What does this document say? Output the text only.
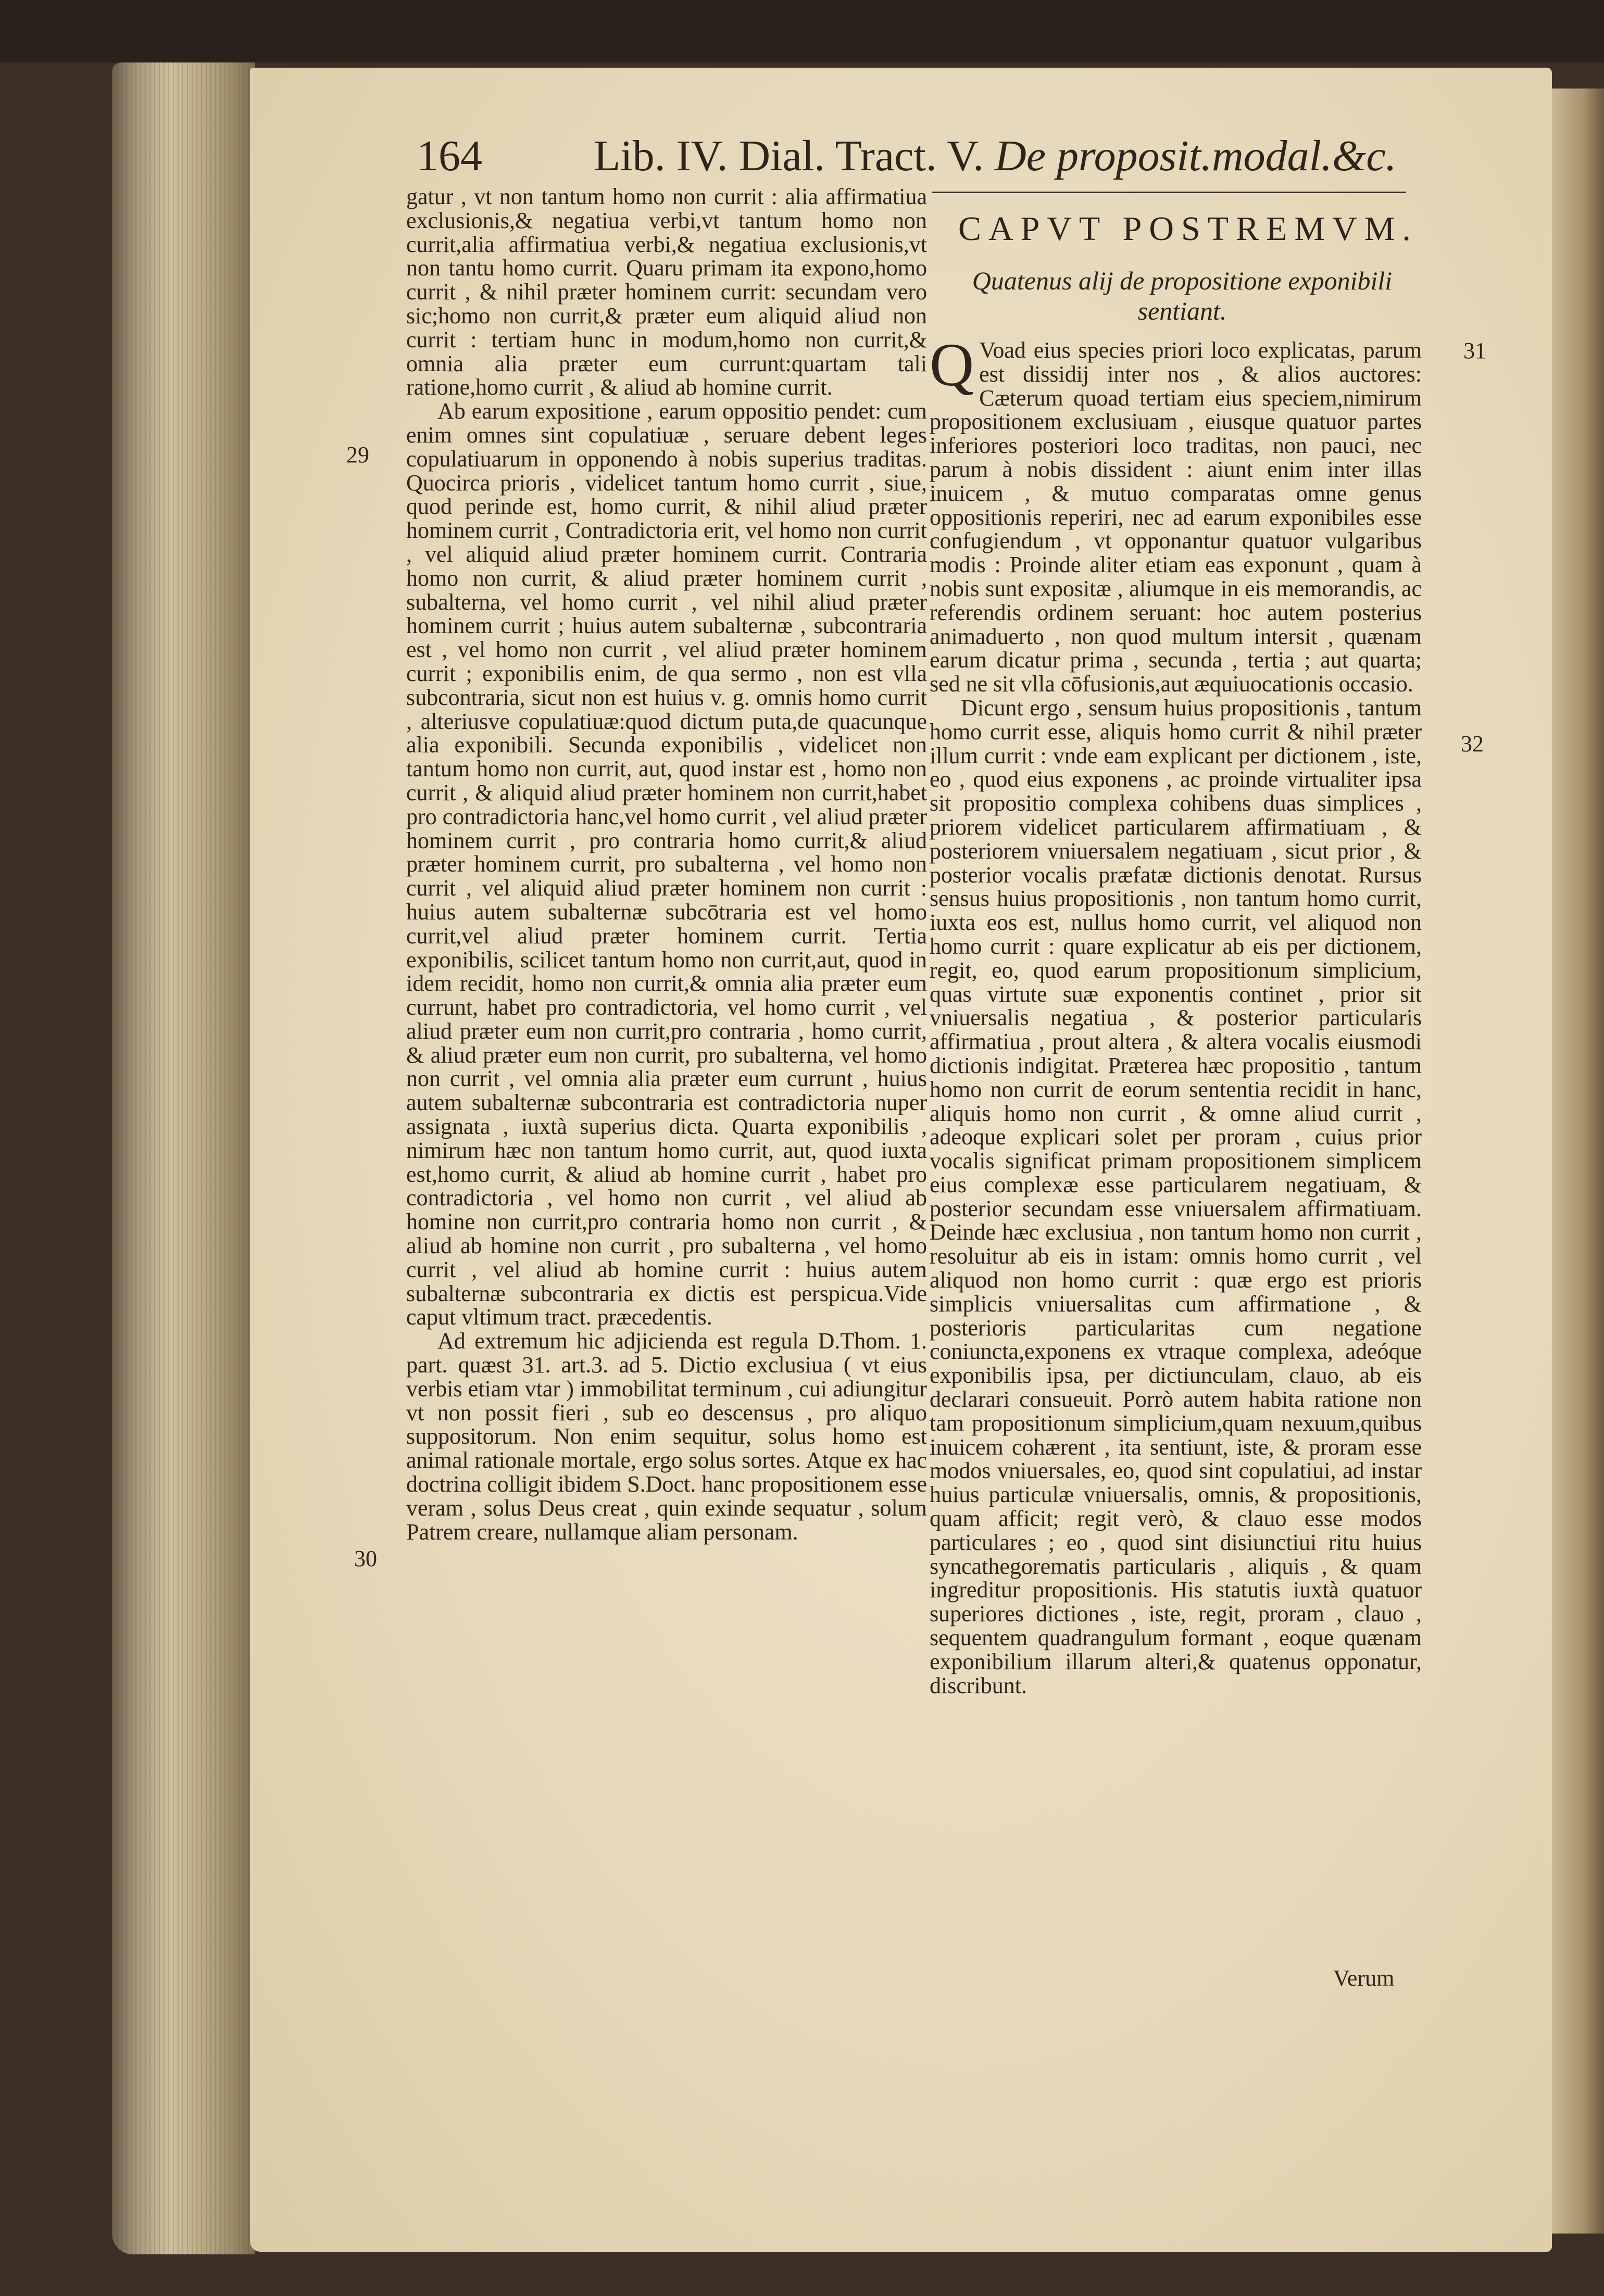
164	Lib. IV. Dial. Tract. V. De proposit.modal.&c.

gatur , vt non tantum homo non currit : alia affirmatiua exclusionis,& negatiua verbi,vt tantum homo non currit,alia affirmatiua verbi,& negatiua exclusionis,vt non tantu homo currit. Quaru primam ita expono,homo currit , & nihil præter hominem currit: secundam vero sic;homo non currit,& præter eum aliquid aliud non currit : tertiam hunc in modum,homo non currit,& omnia alia præter eum currunt:quartam tali ratione,homo currit , & aliud ab homine currit.

Ab earum expositione , earum oppositio pendet: cum enim omnes sint copulatiuæ , seruare debent leges copulatiuarum in opponendo à nobis superius traditas. Quocirca prioris , videlicet tantum homo currit , siue, quod perinde est, homo currit, & nihil aliud præter hominem currit , Contradictoria erit, vel homo non currit , vel aliquid aliud præter hominem currit. Contraria homo non currit, & aliud præter hominem currit , subalterna, vel homo currit , vel nihil aliud præter hominem currit ; huius autem subalternæ , subcontraria est , vel homo non currit , vel aliud præter hominem currit ; exponibilis enim, de qua sermo , non est vlla subcontraria, sicut non est huius v. g. omnis homo currit , alteriusve copulatiuæ:quod dictum puta,de quacunque alia exponibili. Secunda exponibilis , videlicet non tantum homo non currit, aut, quod instar est , homo non currit , & aliquid aliud præter hominem non currit,habet pro contradictoria hanc,vel homo currit , vel aliud præter hominem currit , pro contraria homo currit,& aliud præter hominem currit, pro subalterna , vel homo non currit , vel aliquid aliud præter hominem non currit : huius autem subalternæ subcōtraria est vel homo currit,vel aliud præter hominem currit. Tertia exponibilis, scilicet tantum homo non currit,aut, quod in idem recidit, homo non currit,& omnia alia præter eum currunt, habet pro contradictoria, vel homo currit , vel aliud præter eum non currit,pro contraria , homo currit, & aliud præter eum non currit, pro subalterna, vel homo non currit , vel omnia alia præter eum currunt , huius autem subalternæ subcontraria est contradictoria nuper assignata , iuxtà superius dicta. Quarta exponibilis , nimirum hæc non tantum homo currit, aut, quod iuxta est,homo currit, & aliud ab homine currit , habet pro contradictoria , vel homo non currit , vel aliud ab homine non currit,pro contraria homo non currit , & aliud ab homine non currit , pro subalterna , vel homo currit , vel aliud ab homine currit : huius autem subalternæ subcontraria ex dictis est perspicua.Vide caput vltimum tract. præcedentis.

Ad extremum hic adjicienda est regula D.Thom. 1. part. quæst 31. art.3. ad 5. Dictio exclusiua ( vt eius verbis etiam vtar ) immobilitat terminum , cui adiungitur vt non possit fieri , sub eo descensus , pro aliquo suppositorum. Non enim sequitur, solus homo est animal rationale mortale, ergo solus sortes. Atque ex hac doctrina colligit ibidem S.Doct. hanc propositionem esse veram , solus Deus creat , quin exinde sequatur , solum Patrem creare, nullamque aliam personam.

CAPVT POSTREMVM.
Quatenus alij de propositione exponibili sentiant.

Q Voad eius species priori loco explicatas, parum est dissidij inter nos , & alios auctores: Cæterum quoad tertiam eius speciem,nimirum propositionem exclusiuam , eiusque quatuor partes inferiores posteriori loco traditas, non pauci, nec parum à nobis dissident : aiunt enim inter illas inuicem , & mutuo comparatas omne genus oppositionis reperiri, nec ad earum exponibiles esse confugiendum , vt opponantur quatuor vulgaribus modis : Proinde aliter etiam eas exponunt , quam à nobis sunt expositæ , aliumque in eis memorandis, ac referendis ordinem seruant: hoc autem posterius animaduerto , non quod multum intersit , quænam earum dicatur prima , secunda , tertia ; aut quarta; sed ne sit vlla cōfusionis,aut æquiuocationis occasio.

Dicunt ergo , sensum huius propositionis , tantum homo currit esse, aliquis homo currit & nihil præter illum currit : vnde eam explicant per dictionem , iste, eo , quod eius exponens , ac proinde virtualiter ipsa sit propositio complexa cohibens duas simplices , priorem videlicet particularem affirmatiuam , & posteriorem vniuersalem negatiuam , sicut prior , & posterior vocalis præfatæ dictionis denotat. Rursus sensus huius propositionis , non tantum homo currit, iuxta eos est, nullus homo currit, vel aliquod non homo currit : quare explicatur ab eis per dictionem, regit, eo, quod earum propositionum simplicium, quas virtute suæ exponentis continet , prior sit vniuersalis negatiua , & posterior particularis affirmatiua , prout altera , & altera vocalis eiusmodi dictionis indigitat. Præterea hæc propositio , tantum homo non currit de eorum sententia recidit in hanc, aliquis homo non currit , & omne aliud currit , adeoque explicari solet per proram , cuius prior vocalis significat primam propositionem simplicem eius complexæ esse particularem negatiuam, & posterior secundam esse vniuersalem affirmatiuam. Deinde hæc exclusiua , non tantum homo non currit , resoluitur ab eis in istam: omnis homo currit , vel aliquod non homo currit : quæ ergo est prioris simplicis vniuersalitas cum affirmatione , & posterioris particularitas cum negatione coniuncta,exponens ex vtraque complexa, adeóque exponibilis ipsa, per dictiunculam, clauo, ab eis declarari consueuit. Porrò autem habita ratione non tam propositionum simplicium,quam nexuum,quibus inuicem cohærent , ita sentiunt, iste, & proram esse modos vniuersales, eo, quod sint copulatiui, ad instar huius particulæ vniuersalis, omnis, & propositionis, quam afficit; regit verò, & clauo esse modos particulares ; eo , quod sint disiunctiui ritu huius syncathegorematis particularis , aliquis , & quam ingreditur propositionis. His statutis iuxtà quatuor superiores dictiones , iste, regit, proram , clauo , sequentem quadrangulum formant , eoque quænam exponibilium illarum alteri,& quatenus opponatur, discribunt.

29
30
31
32
Verum
